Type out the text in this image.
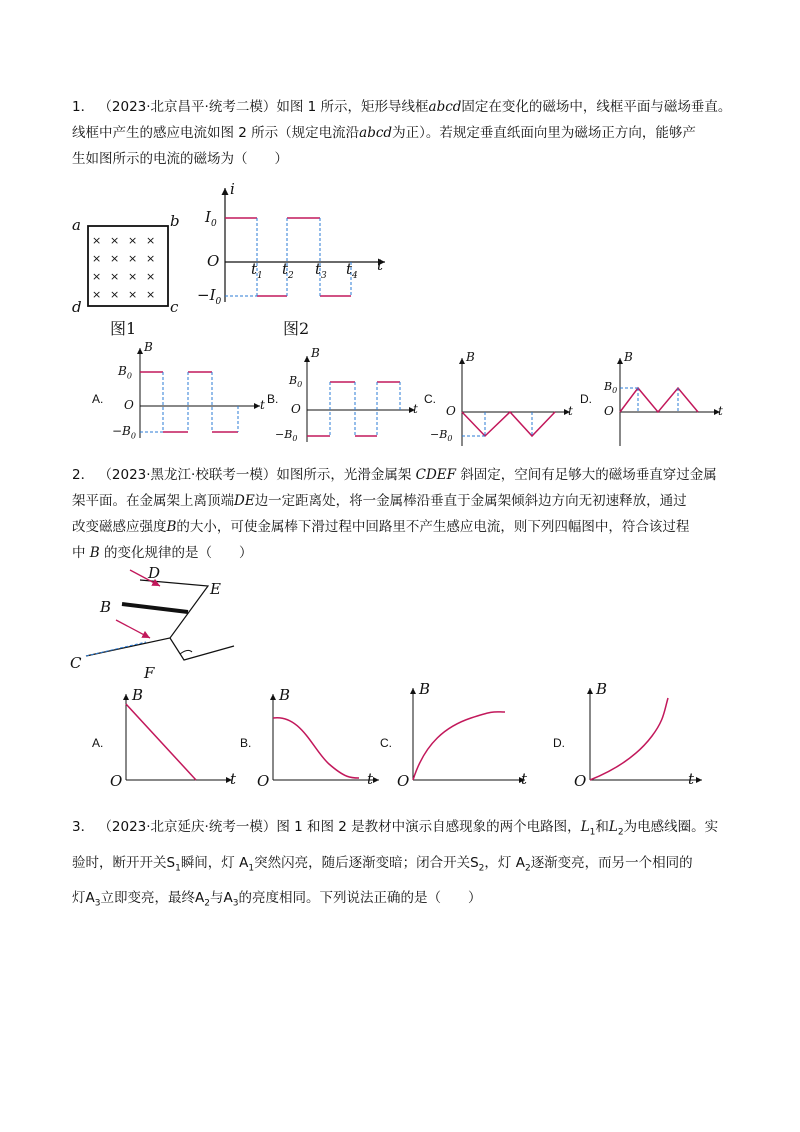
1． （2023·北京昌平·统考二模）如图 1 所示，矩形导线框abcd固定在变化的磁场中，线框平面与磁场垂直。
线框中产生的感应电流如图 2 所示（规定电流沿abcd为正）。若规定垂直纸面向里为磁场正方向，能够产
生如图所示的电流的磁场为（　　）
a	b
c
d
× × × ×
× × × ×
× × × ×
× × × ×
图1
i
$I_0$
O
$-I_0$
t
$t_1$ $t_2$ $t_3$ $t_4$
图2
A.	B.	C.	D.
B
$B_0$
O
$-B_0$
t
B
$B_0$
O
$-B_0$
t
B
O
$-B_0$
t
B
$B_0$
O	t
2． （2023·黑龙江·校联考一模）如图所示，光滑金属架 CDEF 斜固定，空间有足够大的磁场垂直穿过金属
架平面。在金属架上离顶端DE边一定距离处，将一金属棒沿垂直于金属架倾斜边方向无初速释放，通过
改变磁感应强度B的大小，可使金属棒下滑过程中回路里不产生感应电流，则下列四幅图中，符合该过程
中 B 的变化规律的是（　　）
D
E
B
C
F
A.	B.	C.	D.
B
O	t
B
O	t
B
O	t
B
O	t
3． （2023·北京延庆·统考一模）图 1 和图 2 是教材中演示自感现象的两个电路图，$L_1$和$L_2$为电感线圈。实
验时，断开开关$S_1$瞬间，灯 $A_1$突然闪亮，随后逐渐变暗；闭合开关$S_2$，灯 $A_2$逐渐变亮，而另一个相同的
灯$A_3$立即变亮，最终$A_2$与$A_3$的亮度相同。下列说法正确的是（　　）
